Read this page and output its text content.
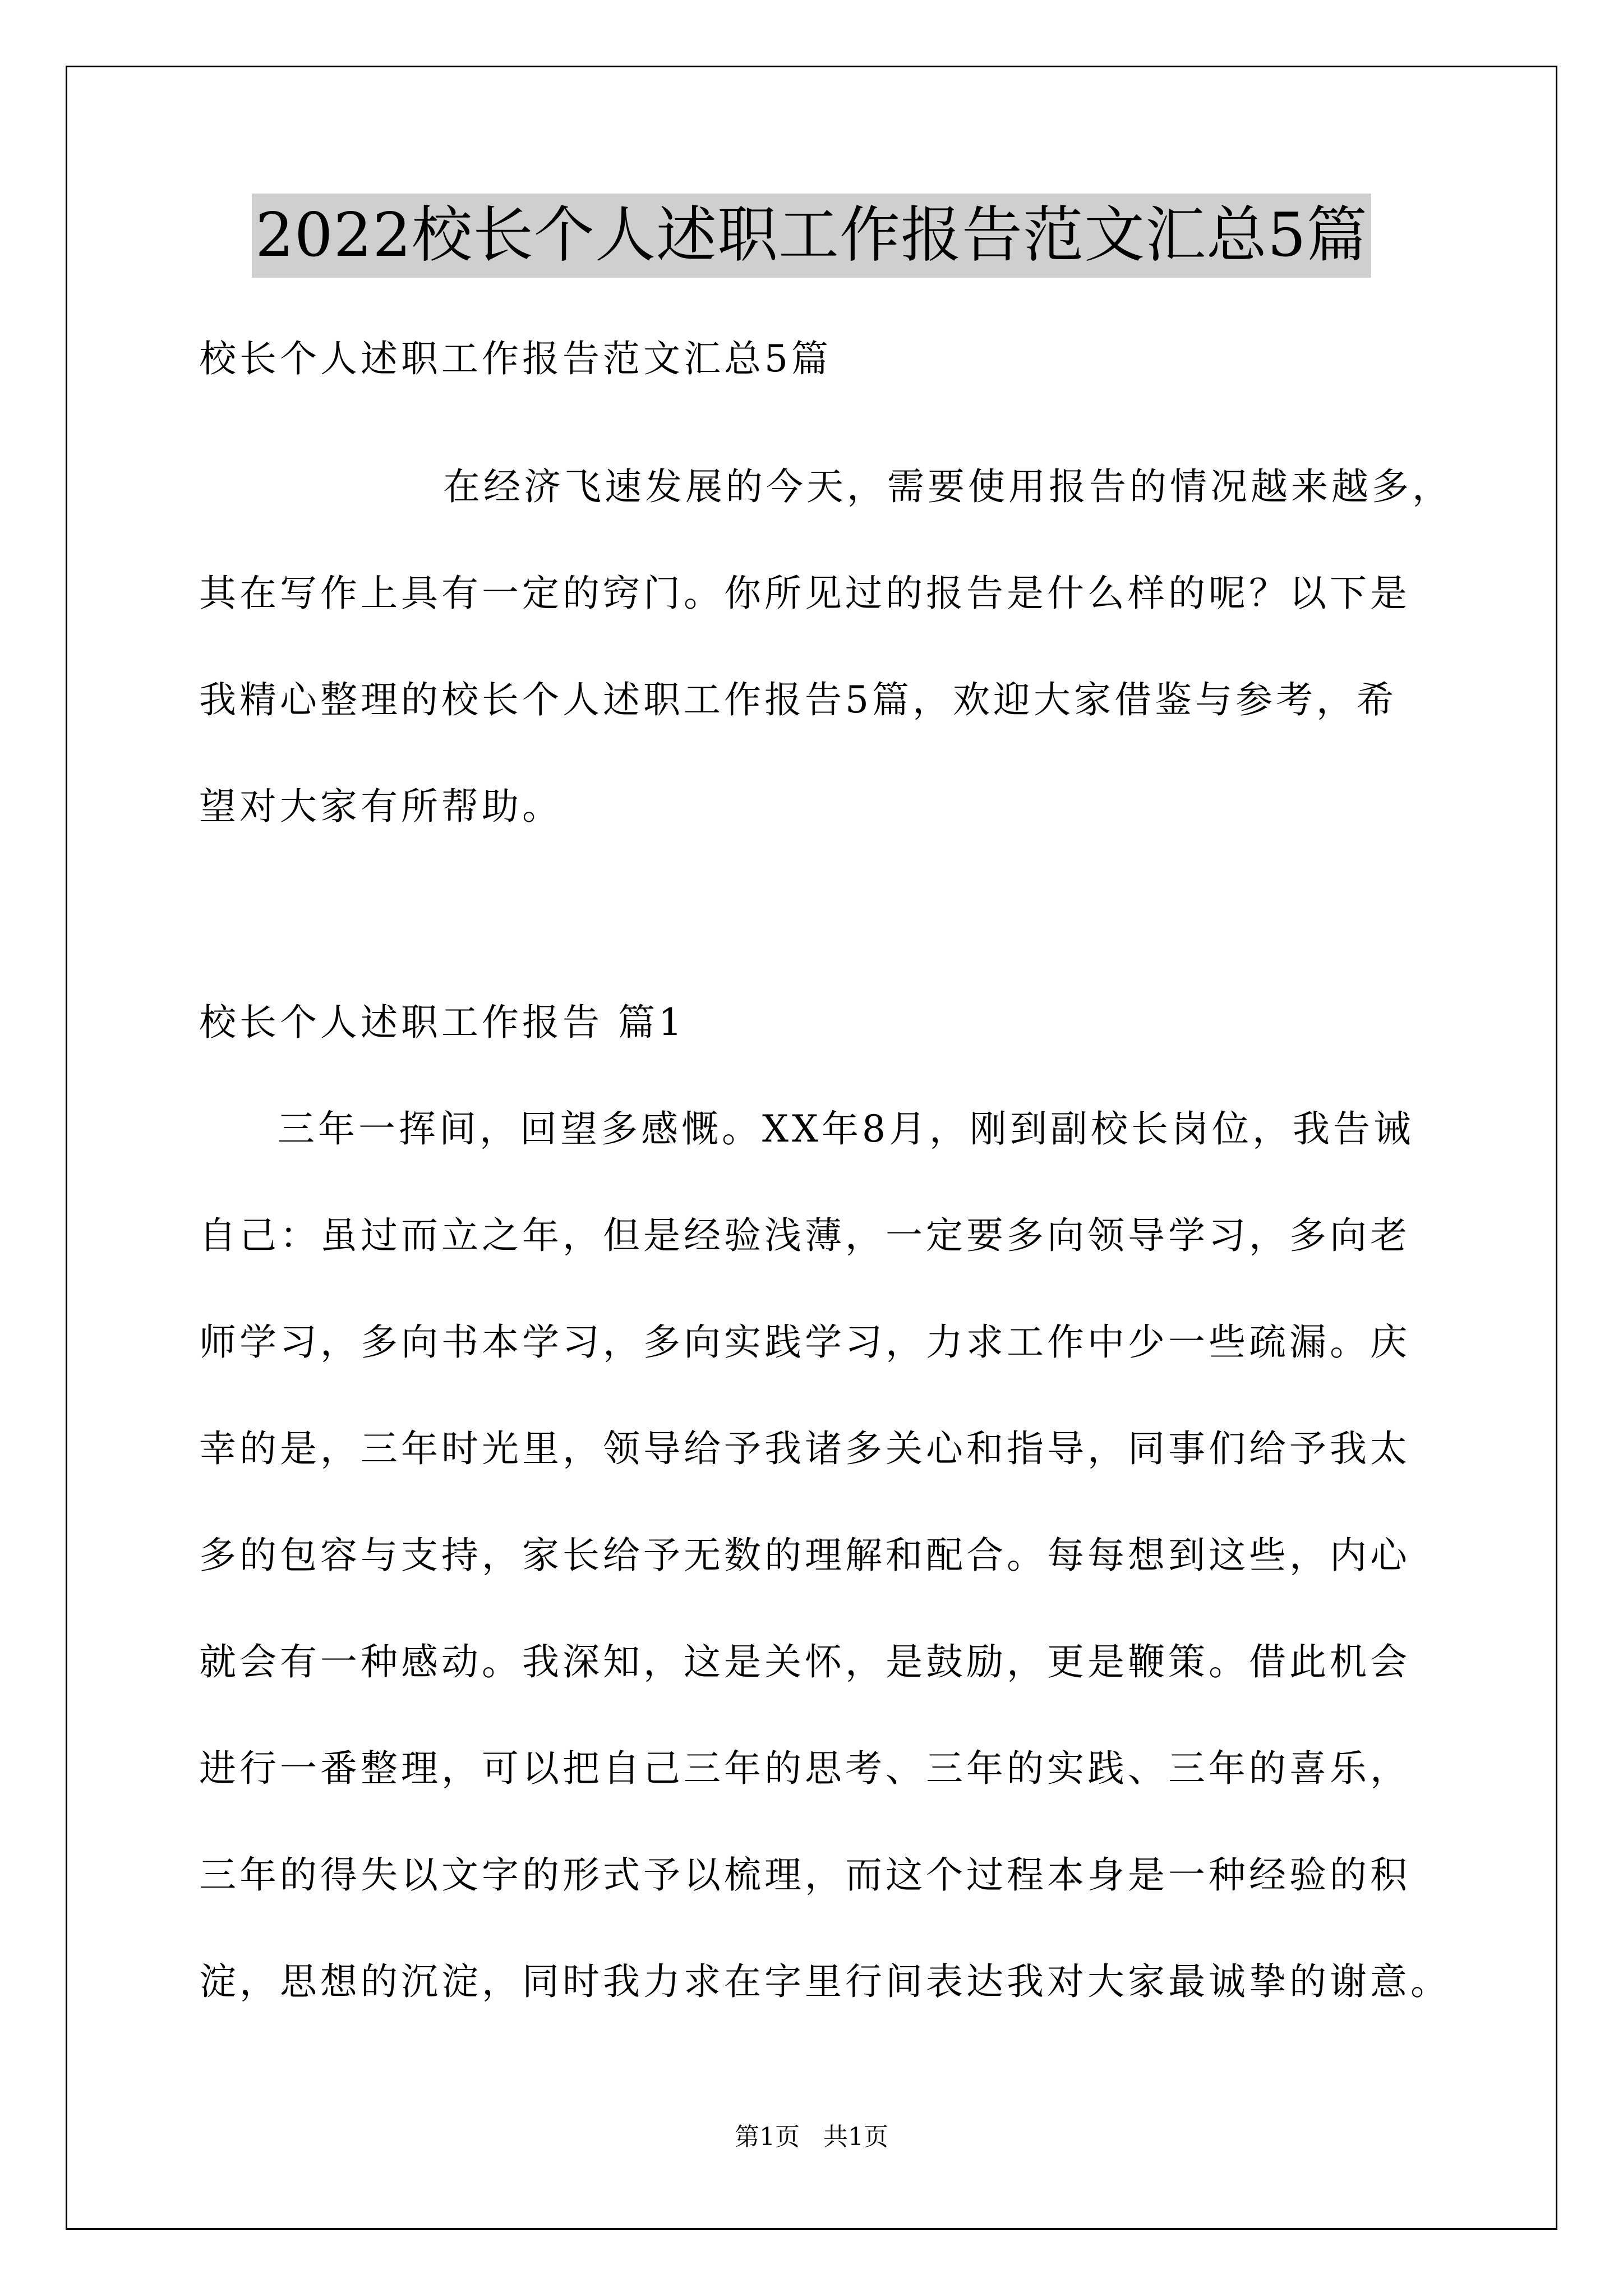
2022校长个人述职工作报告范文汇总5篇

校长个人述职工作报告范文汇总5篇

在经济飞速发展的今天，需要使用报告的情况越来越多，

其在写作上具有一定的窍门。你所见过的报告是什么样的呢？以下是

我精心整理的校长个人述职工作报告5篇，欢迎大家借鉴与参考，希

望对大家有所帮助。

校长个人述职工作报告 篇1

三年一挥间，回望多感慨。XX年8月，刚到副校长岗位，我告诫

自己：虽过而立之年，但是经验浅薄，一定要多向领导学习，多向老

师学习，多向书本学习，多向实践学习，力求工作中少一些疏漏。庆

幸的是，三年时光里，领导给予我诸多关心和指导，同事们给予我太

多的包容与支持，家长给予无数的理解和配合。每每想到这些，内心

就会有一种感动。我深知，这是关怀，是鼓励，更是鞭策。借此机会

进行一番整理，可以把自己三年的思考、三年的实践、三年的喜乐，

三年的得失以文字的形式予以梳理，而这个过程本身是一种经验的积

淀，思想的沉淀，同时我力求在字里行间表达我对大家最诚挚的谢意。

第1页   共1页
